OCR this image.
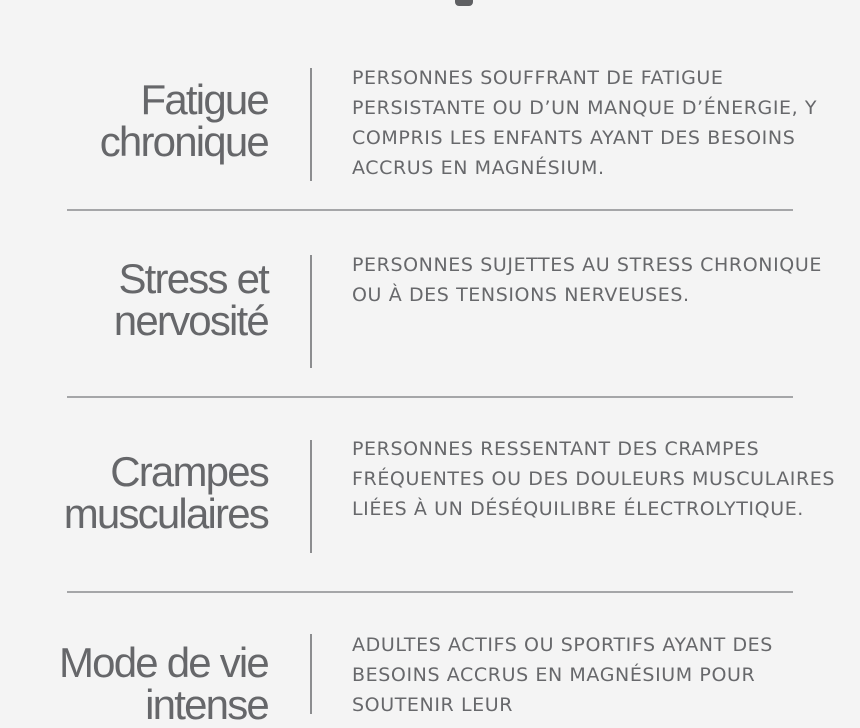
Fatigue
chronique
PERSONNES SOUFFRANT DE FATIGUE PERSISTANTE OU D’UN MANQUE D’ÉNERGIE, Y COMPRIS LES ENFANTS AYANT DES BESOINS ACCRUS EN MAGNÉSIUM.
Stress et
nervosité
PERSONNES SUJETTES AU STRESS CHRONIQUE OU À DES TENSIONS NERVEUSES.
Crampes
musculaires
PERSONNES RESSENTANT DES CRAMPES FRÉQUENTES OU DES DOULEURS MUSCULAIRES LIÉES À UN DÉSÉQUILIBRE ÉLECTROLYTIQUE.
Mode de vie
intense
ADULTES ACTIFS OU SPORTIFS AYANT DES BESOINS ACCRUS EN MAGNÉSIUM POUR SOUTENIR LEUR
